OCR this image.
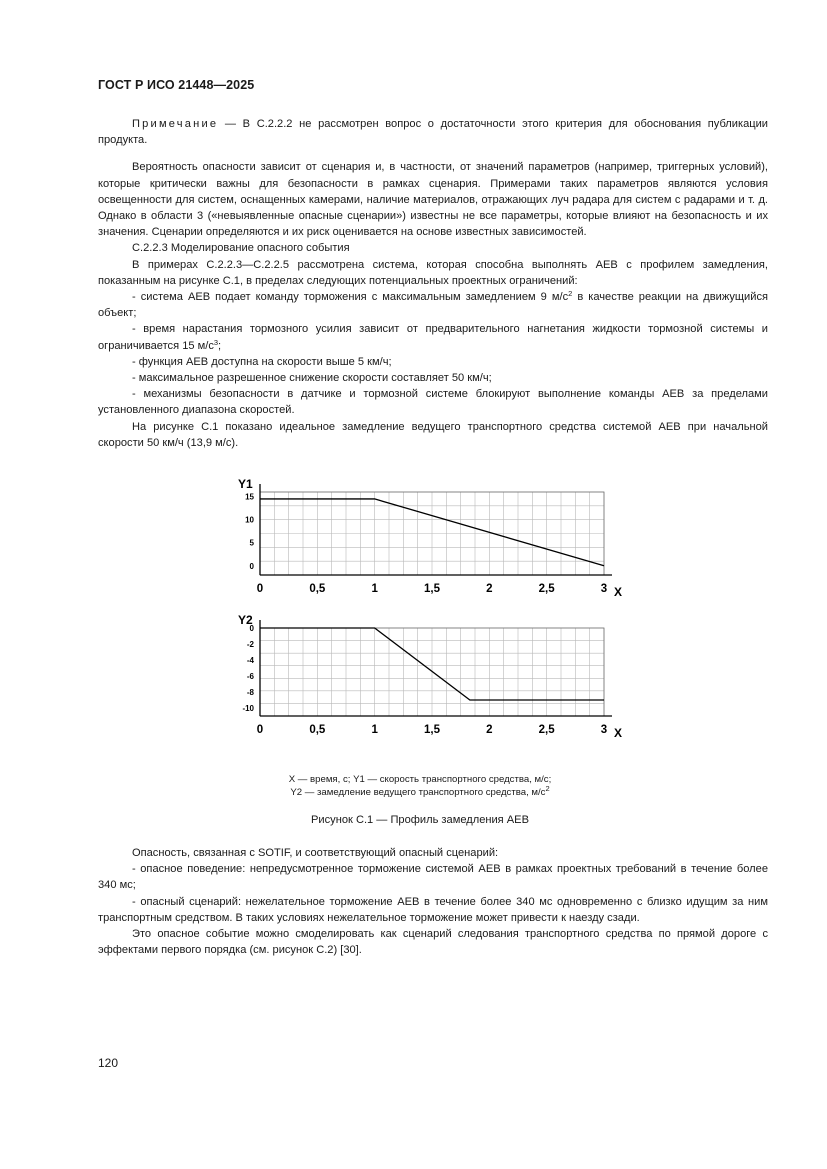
ГОСТ Р ИСО 21448—2025

Примечание — В С.2.2.2 не рассмотрен вопрос о достаточности этого критерия для обоснования публикации продукта.

Вероятность опасности зависит от сценария и, в частности, от значений параметров (например, триггерных условий), которые критически важны для безопасности в рамках сценария. Примерами таких параметров являются условия освещенности для систем, оснащенных камерами, наличие материалов, отражающих луч радара для систем с радарами и т. д. Однако в области 3 («невыявленные опасные сценарии») известны не все параметры, которые влияют на безопасность и их значения. Сценарии определяются и их риск оценивается на основе известных зависимостей.

С.2.2.3 Моделирование опасного события

В примерах С.2.2.3—С.2.2.5 рассмотрена система, которая способна выполнять АЕВ с профилем замедления, показанным на рисунке С.1, в пределах следующих потенциальных проектных ограничений:

- система АЕВ подает команду торможения с максимальным замедлением 9 $м/с^2$ в качестве реакции на движущийся объект;

- время нарастания тормозного усилия зависит от предварительного нагнетания жидкости тормозной системы и ограничивается 15 $м/с^3$;

- функция АЕВ доступна на скорости выше 5 км/ч;

- максимальное разрешенное снижение скорости составляет 50 км/ч;

- механизмы безопасности в датчике и тормозной системе блокируют выполнение команды АЕВ за пределами установленного диапазона скоростей.

На рисунке С.1 показано идеальное замедление ведущего транспортного средства системой АЕВ при начальной скорости 50 км/ч (13,9 м/с).

Y1
15
10
5
0
0	0,5	1	1,5	2	2,5	3 X
Y2
0
-2
-4
-6
-8
-10
0	0,5	1	1,5	2	2,5	3 X
X — время, с; Y1 — скорость транспортного средства, м/с;
Y2 — замедление ведущего транспортного средства, $м/с^2$
Рисунок С.1 — Профиль замедления АЕВ

Опасность, связанная с SOTIF, и соответствующий опасный сценарий:

- опасное поведение: непредусмотренное торможение системой АЕВ в рамках проектных требований в течение более 340 мс;

- опасный сценарий: нежелательное торможение АЕВ в течение более 340 мс одновременно с близко идущим за ним транспортным средством. В таких условиях нежелательное торможение может привести к наезду сзади.

Это опасное событие можно смоделировать как сценарий следования транспортного средства по прямой дороге с эффектами первого порядка (см. рисунок С.2) [30].

120
